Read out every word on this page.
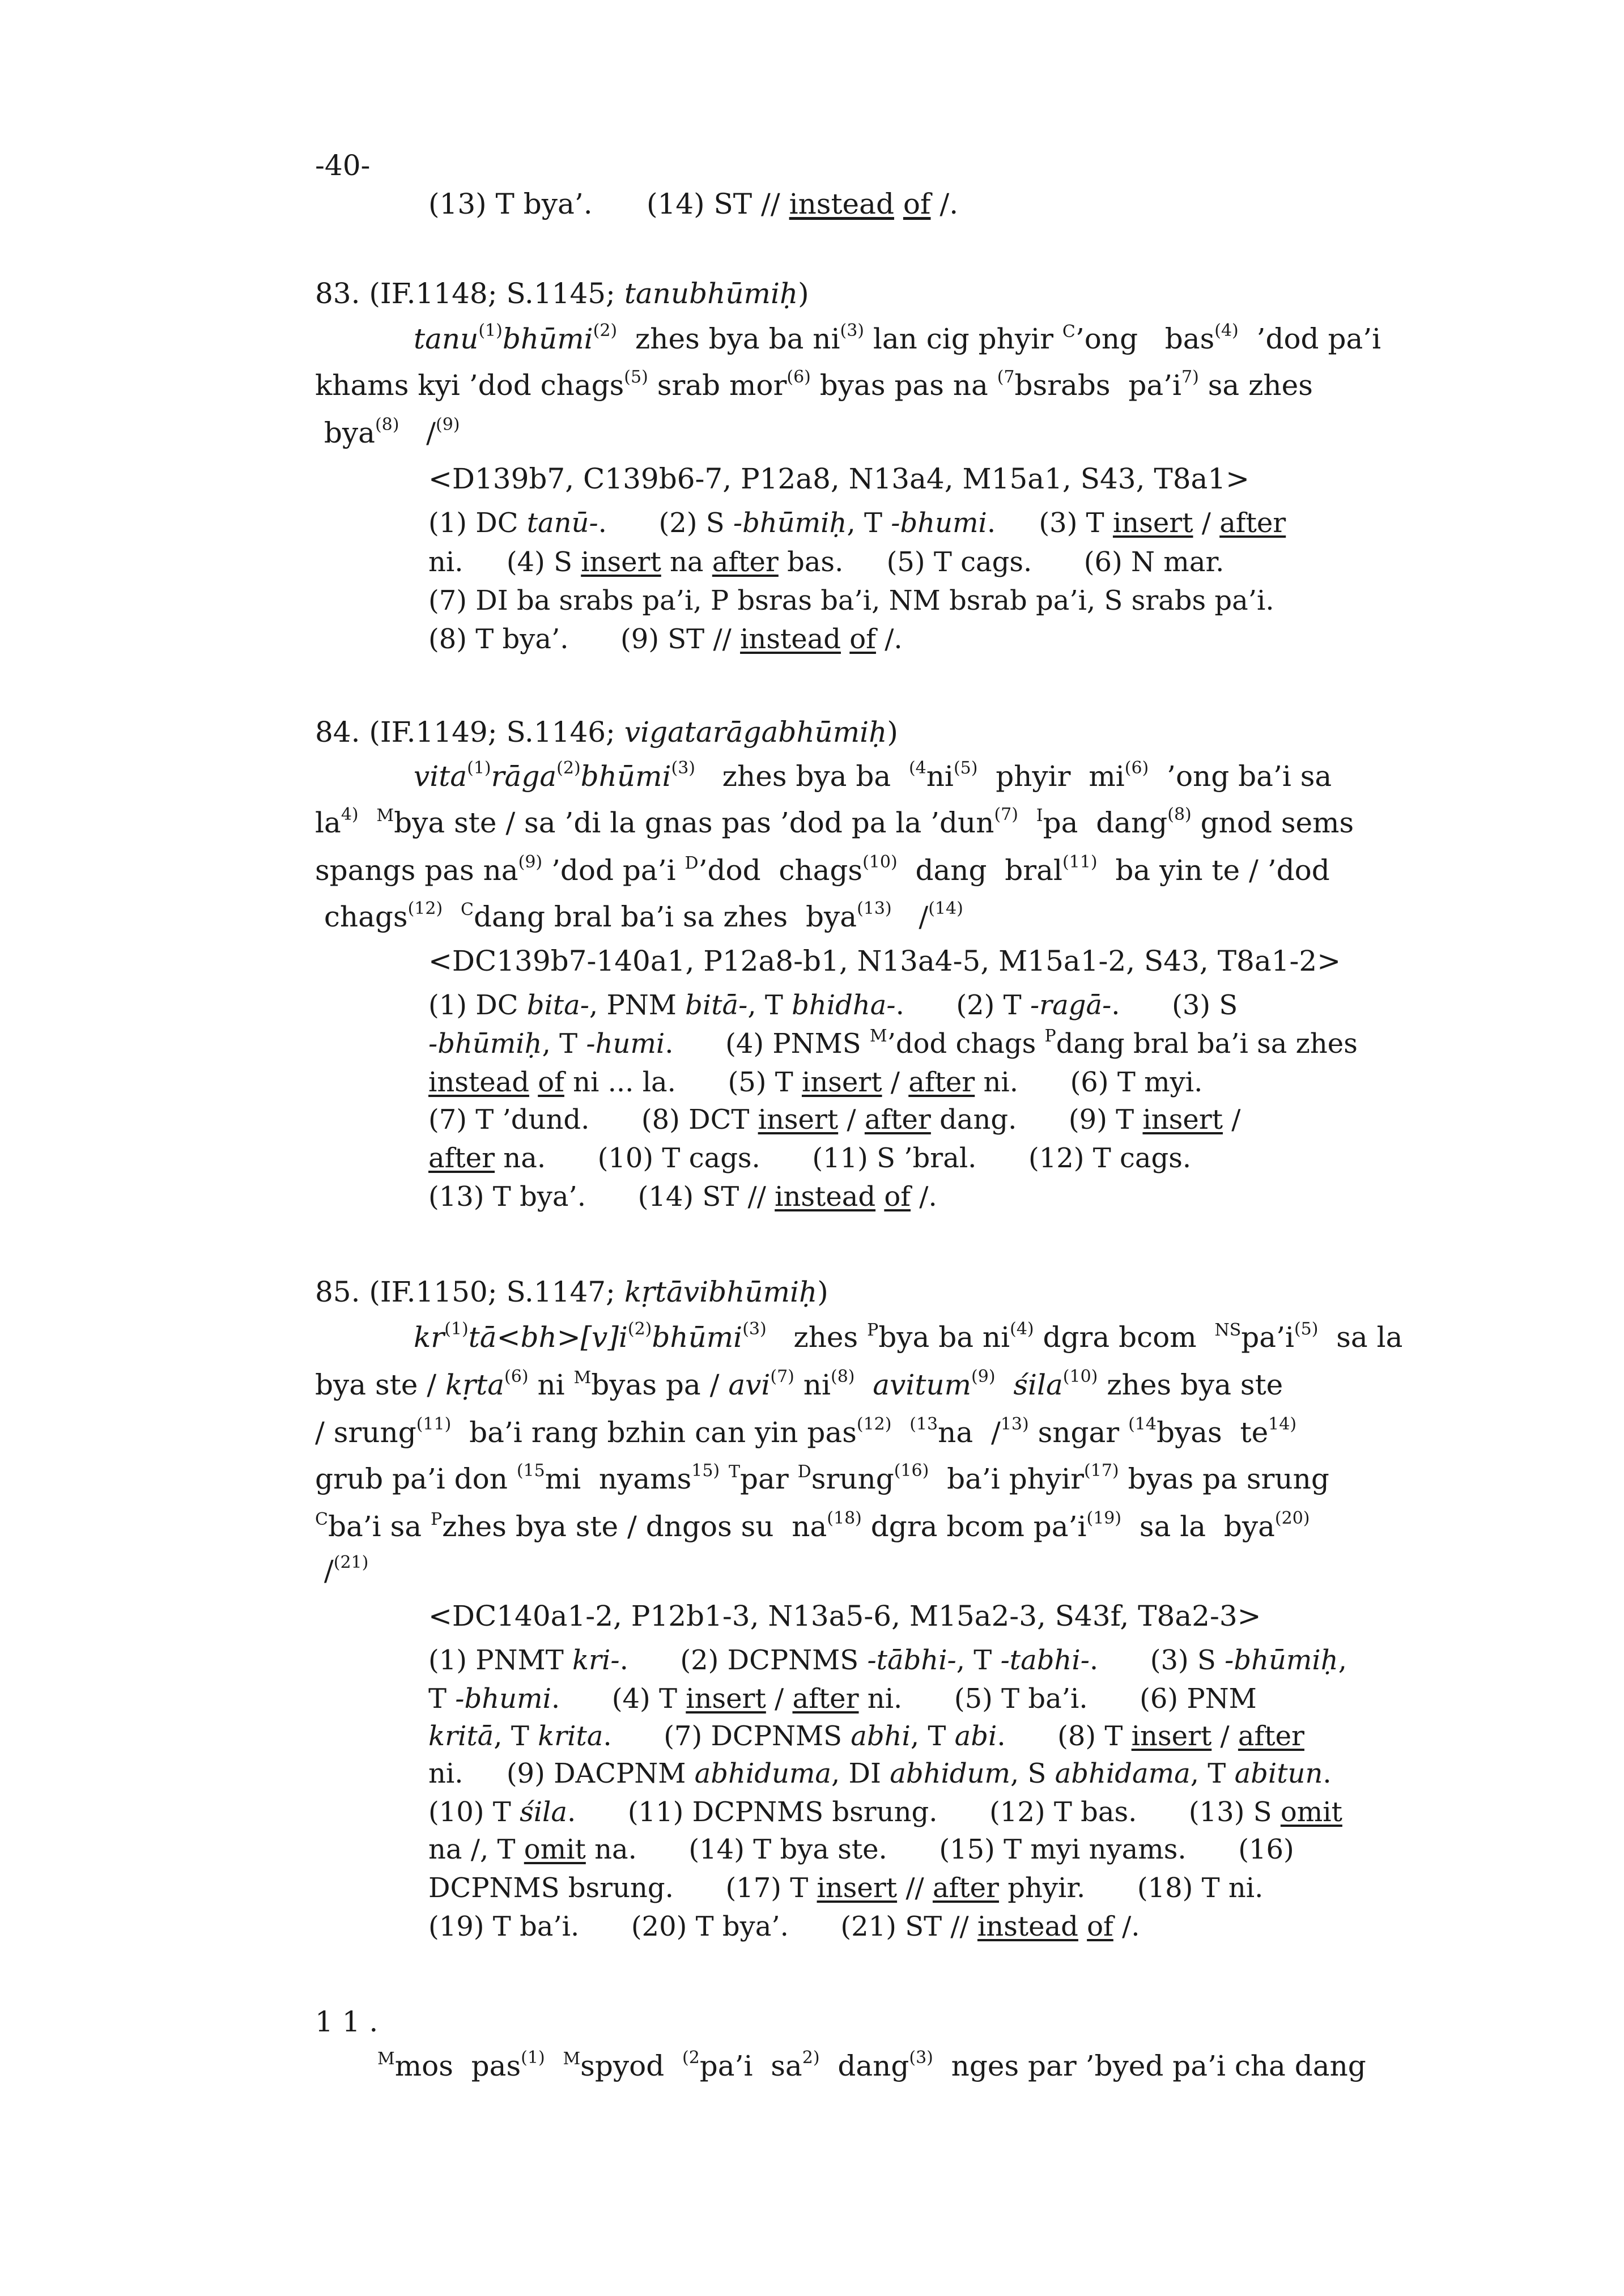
-40-
(13) T bya’.      (14) ST // instead of /.
83. (IF.1148; S.1145; tanubhūmiḥ)
tanu$^{(1)}$bhūmi$^{(2)}$  zhes bya ba $ni^{(3)}$ lan cig phyir $^C$’ong   bas$^{(4)}$  ’dod pa’i
khams kyi ’dod chags$^{(5)}$ srab mor$^{(6)}$ byas pas na $^{(7}$bsrabs  $pa’i^{7)}$ sa zhes
bya$^{(8)}$   /$^{(9)}$
<D139b7, C139b6-7, P12a8, N13a4, M15a1, S43, T8a1>
(1) DC tanū-.      (2) S -bhūmiḥ, T -bhumi.     (3) T insert / after
ni.     (4) S insert na after bas.     (5) T cags.      (6) N mar.
(7) DI ba srabs pa’i, P bsras ba’i, NM bsrab pa’i, S srabs pa’i.
(8) T bya’.      (9) ST // instead of /.
84. (IF.1149; S.1146; vigatarāgabhūmiḥ)
vita$^{(1)}$rāga$^{(2)}$bhūmi$^{(3)}$   zhes bya ba  $^{(4}ni^{(5)}$  phyir  $mi^{(6)}$  ’ong ba’i sa
$la^{4)}$ $^M$bya ste / sa ’di la gnas pas ’dod pa la ’dun$^{(7)}$ $^I$pa  dang$^{(8)}$ gnod sems
spangs pas $na^{(9)}$ ’dod pa’i $^D$’dod  chags$^{(10)}$  dang  bral$^{(11)}$  ba yin te / ’dod
chags$^{(12)}$ $^C$dang bral ba’i sa zhes  bya$^{(13)}$   /$^{(14)}$
<DC139b7-140a1, P12a8-b1, N13a4-5, M15a1-2, S43, T8a1-2>
(1) DC bita-, PNM bitā-, T bhidha-.      (2) T -ragā-.      (3) S
-bhūmiḥ, T -humi.      (4) PNMS $^M$’dod chags $^P$dang bral ba’i sa zhes
instead of ni ... la.      (5) T insert / after ni.      (6) T myi.
(7) T ’dund.      (8) DCT insert / after dang.      (9) T insert /
after na.      (10) T cags.      (11) S ’bral.      (12) T cags.
(13) T bya’.      (14) ST // instead of /.
85. (IF.1150; S.1147; kṛtāvibhūmiḥ)
$kr^{(1)}tā<bh>[v]i^{(2)}bhūmi^{(3)}$   zhes $^P$bya ba $ni^{(4)}$ dgra bcom  $^{NS}pa’i^{(5)}$  sa la
bya ste / kṛta$^{(6)}$ ni $^M$byas pa / avi$^{(7)}$ $ni^{(8)}$ avitum$^{(9)}$ śila$^{(10)}$ zhes bya ste
/ srung$^{(11)}$  ba’i rang bzhin can yin pas$^{(12)}$ $^{(13}$na  /$^{13)}$ sngar $^{(14}$byas  $te^{14)}$
grub pa’i don $^{(15}$mi  nyams$^{15)}$ $^T$par $^D$srung$^{(16)}$  ba’i phyir$^{(17)}$ byas pa srung
$^C$ba’i sa $^P$zhes bya ste / dngos su  $na^{(18)}$ dgra bcom $pa’i^{(19)}$  sa la  bya$^{(20)}$
/$^{(21)}$
<DC140a1-2, P12b1-3, N13a5-6, M15a2-3, S43f, T8a2-3>
(1) PNMT kri-.      (2) DCPNMS -tābhi-, T -tabhi-.      (3) S -bhūmiḥ,
T -bhumi.      (4) T insert / after ni.      (5) T ba’i.      (6) PNM
kritā, T krita.      (7) DCPNMS abhi, T abi.      (8) T insert / after
ni.     (9) DACPNM abhiduma, DI abhidum, S abhidama, T abitun.
(10) T śila.      (11) DCPNMS bsrung.      (12) T bas.      (13) S omit
na /, T omit na.      (14) T bya ste.      (15) T myi nyams.      (16)
DCPNMS bsrung.      (17) T insert // after phyir.      (18) T ni.
(19) T ba’i.      (20) T bya’.      (21) ST // instead of /.
1 1 .
$^M$mos  pas$^{(1)}$ $^M$spyod  $^{(2}$pa’i  $sa^{2)}$  dang$^{(3)}$  nges par ’byed pa’i cha dang
